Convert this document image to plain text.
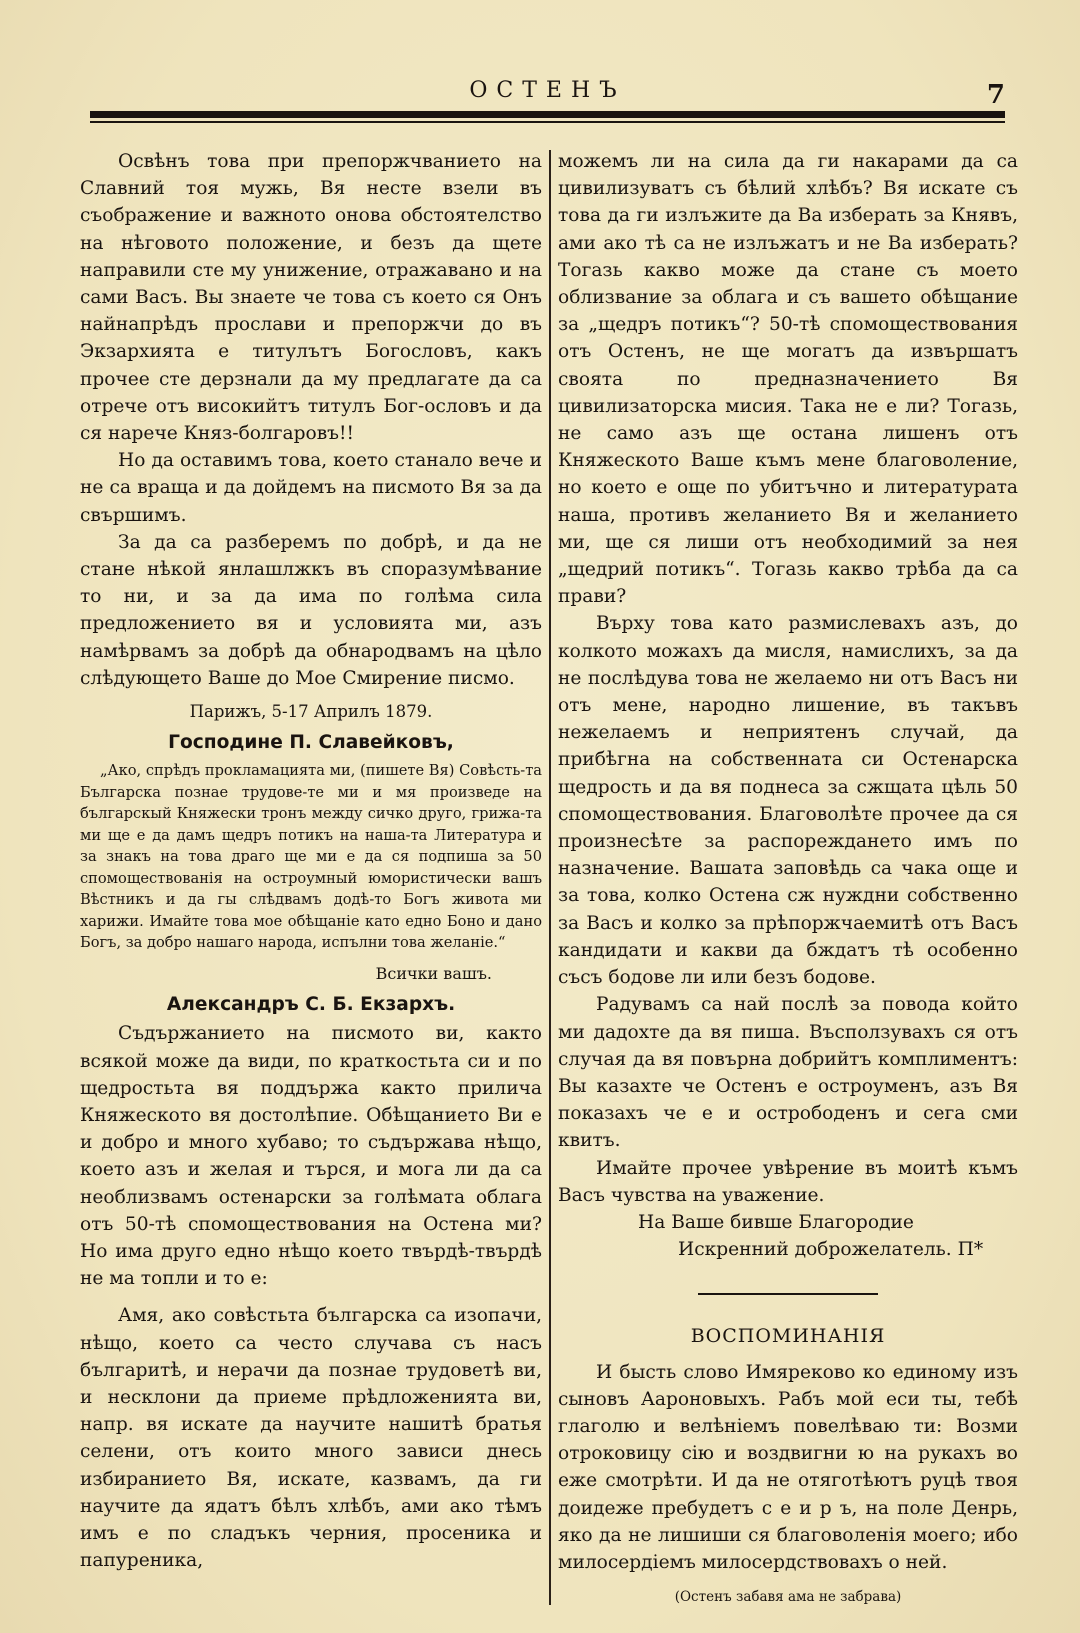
ОСТЕНЪ	7

Освѣнъ това при препоржчванието на Славний тоя мужь, Вя несте взели въ съображение и важното онова обстоятелство на нѣговото положение, и безъ да щете направили сте му унижение, отражавано и на сами Васъ. Вы знаете че това съ което ся Онъ найнапрѣдъ прослави и препоржчи до въ Экзархията е титулътъ Богословъ, какъ прочее сте дерзнали да му предлагате да са отрече отъ високийтъ титулъ Бог-ословъ и да ся нарече Княз-болгаровъ!!

Но да оставимъ това, което станало вече и не са враща и да дойдемъ на писмото Вя за да свършимъ.

За да са разберемъ по добрѣ, и да не стане нѣкой янлашлжкъ въ споразумѣвание то ни, и за да има по голѣма сила предложението вя и условията ми, азъ намѣрвамъ за добрѣ да обнародвамъ на цѣло слѣдующето Ваше до Мое Смирение писмо.

Парижъ, 5-17 Априлъ 1879.

Господине П. Славейковъ,

„Ако, спрѣдъ прокламацията ми, (пишете Вя) Совѣсть-та Българска познае трудове-те ми и мя произведе на българскый Княжески тронъ между сичко друго, грижа-та ми ще е да дамъ щедръ потикъ на наша-та Литература и за знакъ на това драго ще ми е да ся подпиша за 50 спомоществованія на остроумный юмористически вашъ Вѣстникъ и да гы слѣдвамъ додѣ-то Богъ живота ми харижи. Имайте това мое обѣщаніе като едно Боно и дано Богъ, за добро нашаго народа, испълни това желаніе.“

Всички вашъ.

Александръ С. Б. Екзархъ.

Съдържанието на писмото ви, както всякой може да види, по краткостьта си и по щедростьта вя поддържа както прилича Княжеското вя достолѣпие. Обѣщанието Ви е и добро и много хубаво; то съдържава нѣщо, което азъ и желая и търся, и мога ли да са необлизвамъ остенарски за голѣмата облага отъ 50-тѣ спомоществования на Остена ми? Но има друго едно нѣщо което твърдѣ-твърдѣ не ма топли и то е:

Амя, ако совѣстьта българска са изопачи, нѣщо, което са често случава съ насъ българитѣ, и нерачи да познае трудоветѣ ви, и несклони да приеме прѣдложенията ви, напр. вя искате да научите нашитѣ братья селени, отъ които много зависи днесь избиранието Вя, искате, казвамъ, да ги научите да ядатъ бѣлъ хлѣбъ, ами ако тѣмъ имъ е по сладъкъ черния, просеника и папуреника,

можемъ ли на сила да ги накарами да са цивилизуватъ съ бѣлий хлѣбъ? Вя искате съ това да ги излъжите да Ва изберать за Княвъ, ами ако тѣ са не излъжатъ и не Ва изберать? Тогазь какво може да стане съ моето облизвание за облага и съ вашето обѣщание за „щедръ потикъ“? 50-тѣ спомоществования отъ Остенъ, не ще могатъ да извършатъ своята по предназначението Вя цивилизаторска мисия. Така не е ли? Тогазь, не само азъ ще остана лишенъ отъ Княжеското Ваше къмъ мене благоволение, но което е още по убитъчно и литературата наша, противъ желанието Вя и желанието ми, ще ся лиши отъ необходимий за нея „щедрий потикъ“. Тогазь какво трѣба да са прави?

Върху това като размислевахъ азъ, до колкото можахъ да мисля, намислихъ, за да не послѣдува това не желаемо ни отъ Васъ ни отъ мене, народно лишение, въ такъвъ нежелаемъ и неприятенъ случай, да прибѣгна на собственната си Остенарска щедрость и да вя поднеса за сжщата цѣль 50 спомоществования. Благоволѣте прочее да ся произнесѣте за распореждането имъ по назначение. Вашата заповѣдь са чака още и за това, колко Остена сж нуждни собственно за Васъ и колко за прѣпоржчаемитѣ отъ Васъ кандидати и какви да бждатъ тѣ особенно съсъ бодове ли или безъ бодове.

Радувамъ са най послѣ за повода който ми дадохте да вя пиша. Въсползувахъ ся отъ случая да вя повърна добрийтъ комплиментъ: Вы казахте че Остенъ е остроуменъ, азъ Вя показахъ че е и острободенъ и сега сми квитъ.

Имайте прочее увѣрение въ моитѣ къмъ Васъ чувства на уважение.

На Ваше бивше Благородие

Искренний доброжелатель. П*

ВОСПОМИНАНІЯ

И бысть слово Имяреково ко единому изъ сыновъ Аароновыхъ. Рабъ мой еси ты, тебѣ глаголю и велѣніемъ повелѣваю ти: Возми отроковицу сію и воздвигни ю на рукахъ во еже смотрѣти. И да не отяготѣютъ руцѣ твоя доидеже пребудетъ с е и р ъ, на поле Денрь, яко да не лишиши ся благоволенія моего; ибо милосердіемъ милосердствовахъ о ней.

(Остенъ забавя ама не забрава)
